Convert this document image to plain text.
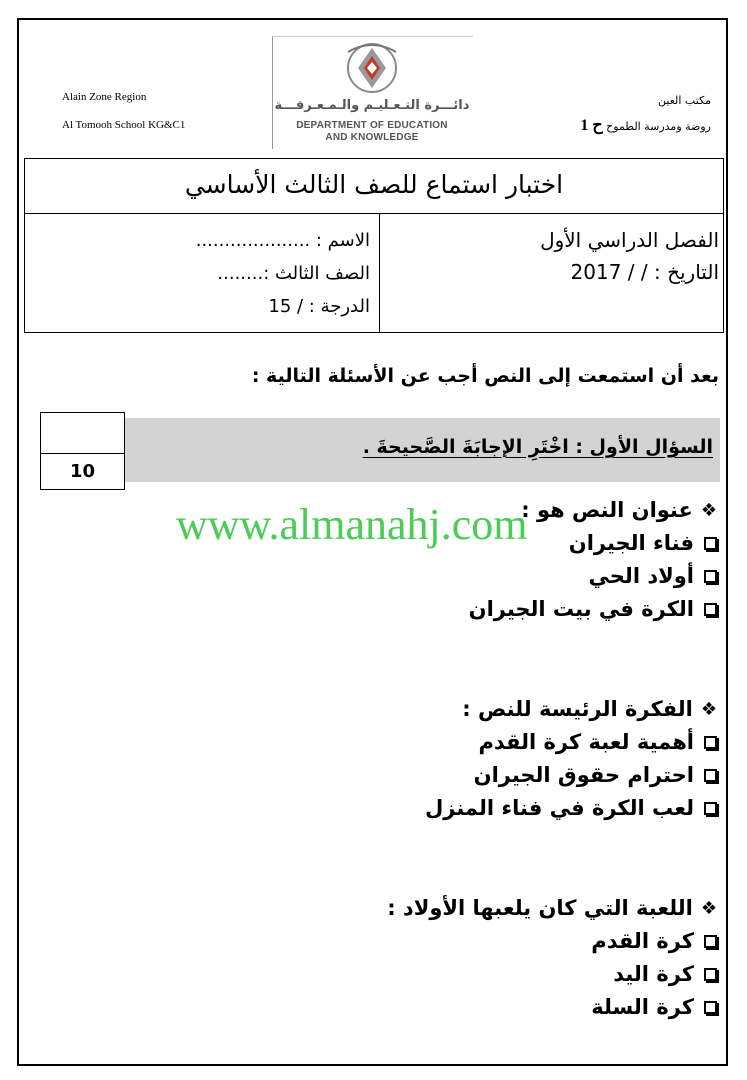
Alain Zone Region
Al Tomooh School KG&C1
دائـــرة التـعـليـم والـمـعـرفـــة
DEPARTMENT OF EDUCATION
AND KNOWLEDGE
مكتب العين
روضة ومدرسة الطموح ح 1
اختبار استماع للصف الثالث الأساسي
الفصل الدراسي الأول
التاريخ : / / 2017
الاسم : ....................
الصف الثالث :........
الدرجة : / 15
بعد أن استمعت إلى النص أجب عن الأسئلة التالية :
السؤال الأول : اخْتَرِ الإجابَةَ الصَّحيحةَ .
10
❖
عنوان النص هو :
فناء الجيران
أولاد الحي
الكرة في بيت الجيران
www.almanahj.com
❖
الفكرة الرئيسة للنص :
أهمية لعبة كرة القدم
احترام حقوق الجيران
لعب الكرة في فناء المنزل
❖
اللعبة التي كان يلعبها الأولاد :
كرة القدم
كرة اليد
كرة السلة
